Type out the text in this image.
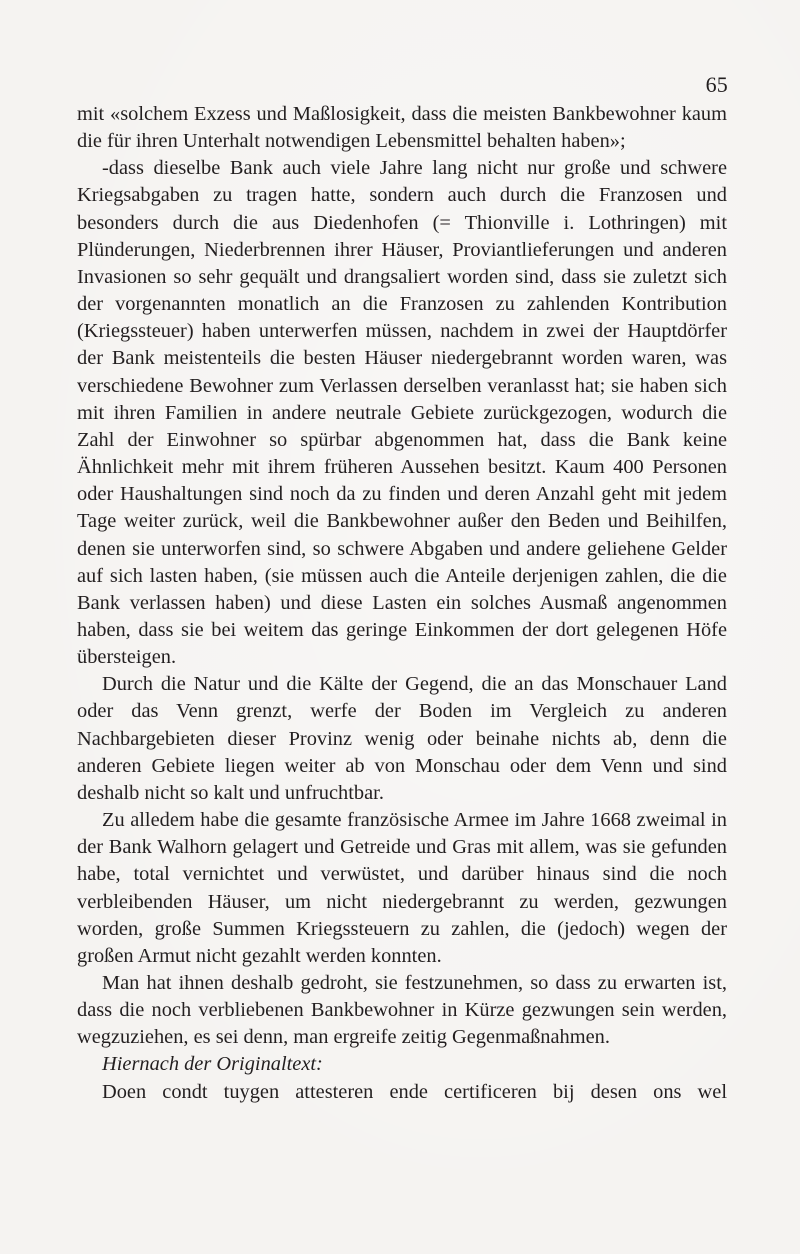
65

mit «solchem Exzess und Maßlosigkeit, dass die meisten Bankbewohner kaum die für ihren Unterhalt notwendigen Lebensmittel behalten haben»;

-dass dieselbe Bank auch viele Jahre lang nicht nur große und schwere Kriegsabgaben zu tragen hatte, sondern auch durch die Franzosen und besonders durch die aus Diedenhofen (= Thionville i. Lothringen) mit Plünderungen, Niederbrennen ihrer Häuser, Proviantlieferungen und anderen Invasionen so sehr gequält und drangsaliert worden sind, dass sie zuletzt sich der vorgenannten monatlich an die Franzosen zu zahlenden Kontribution (Kriegssteuer) haben unterwerfen müssen, nachdem in zwei der Hauptdörfer der Bank meistenteils die besten Häuser niedergebrannt worden waren, was verschiedene Bewohner zum Verlassen derselben veranlasst hat; sie haben sich mit ihren Familien in andere neutrale Gebiete zurückgezogen, wodurch die Zahl der Einwohner so spürbar abgenommen hat, dass die Bank keine Ähnlichkeit mehr mit ihrem früheren Aussehen besitzt. Kaum 400 Personen oder Haushaltungen sind noch da zu finden und deren Anzahl geht mit jedem Tage weiter zurück, weil die Bankbewohner außer den Beden und Beihilfen, denen sie unterworfen sind, so schwere Abgaben und andere geliehene Gelder auf sich lasten haben, (sie müssen auch die Anteile derjenigen zahlen, die die Bank verlassen haben) und diese Lasten ein solches Ausmaß angenommen haben, dass sie bei weitem das geringe Einkommen der dort gelegenen Höfe übersteigen.

Durch die Natur und die Kälte der Gegend, die an das Monschauer Land oder das Venn grenzt, werfe der Boden im Vergleich zu anderen Nachbargebieten dieser Provinz wenig oder beinahe nichts ab, denn die anderen Gebiete liegen weiter ab von Monschau oder dem Venn und sind deshalb nicht so kalt und unfruchtbar.

Zu alledem habe die gesamte französische Armee im Jahre 1668 zweimal in der Bank Walhorn gelagert und Getreide und Gras mit allem, was sie gefunden habe, total vernichtet und verwüstet, und darüber hinaus sind die noch verbleibenden Häuser, um nicht niedergebrannt zu werden, gezwungen worden, große Summen Kriegssteuern zu zahlen, die (jedoch) wegen der großen Armut nicht gezahlt werden konnten.

Man hat ihnen deshalb gedroht, sie festzunehmen, so dass zu erwarten ist, dass die noch verbliebenen Bankbewohner in Kürze gezwungen sein werden, wegzuziehen, es sei denn, man ergreife zeitig Gegenmaßnahmen.

Hiernach der Originaltext:

Doen condt tuygen attesteren ende certificeren bij desen ons wel
